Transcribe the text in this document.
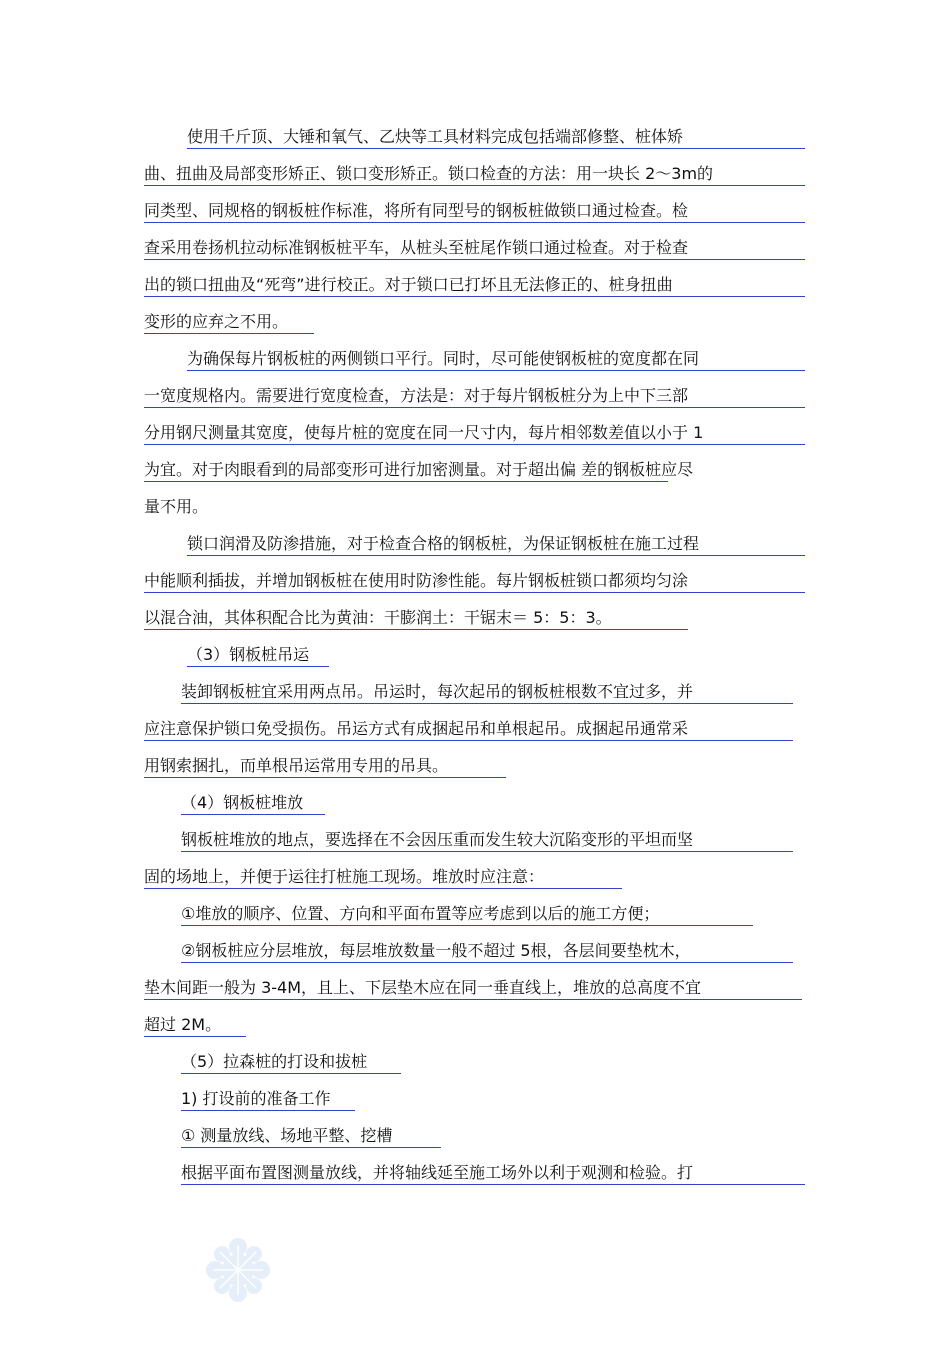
使用千斤顶、大锤和氧气、乙炔等工具材料完成包括端部修整、桩体矫
曲、扭曲及局部变形矫正、锁口变形矫正。锁口检查的方法：用一块长 2～3m的
同类型、同规格的钢板桩作标准，将所有同型号的钢板桩做锁口通过检查。检
查采用卷扬机拉动标准钢板桩平车，从桩头至桩尾作锁口通过检查。对于检查
出的锁口扭曲及“死弯”进行校正。对于锁口已打坏且无法修正的、桩身扭曲
变形的应弃之不用。
为确保每片钢板桩的两侧锁口平行。同时，尽可能使钢板桩的宽度都在同
一宽度规格内。需要进行宽度检查，方法是：对于每片钢板桩分为上中下三部
分用钢尺测量其宽度，使每片桩的宽度在同一尺寸内，每片相邻数差值以小于 1
为宜。对于肉眼看到的局部变形可进行加密测量。对于超出偏 差的钢板桩应尽
量不用。
锁口润滑及防渗措施，对于检查合格的钢板桩，为保证钢板桩在施工过程
中能顺利插拔，并增加钢板桩在使用时防渗性能。每片钢板桩锁口都须均匀涂
以混合油，其体积配合比为黄油：干膨润土：干锯末＝ 5：5：3。
（3）钢板桩吊运
装卸钢板桩宜采用两点吊。吊运时，每次起吊的钢板桩根数不宜过多，并
应注意保护锁口免受损伤。吊运方式有成捆起吊和单根起吊。成捆起吊通常采
用钢索捆扎，而单根吊运常用专用的吊具。
（4）钢板桩堆放
钢板桩堆放的地点，要选择在不会因压重而发生较大沉陷变形的平坦而坚
固的场地上，并便于运往打桩施工现场。堆放时应注意：
①堆放的顺序、位置、方向和平面布置等应考虑到以后的施工方便；
②钢板桩应分层堆放，每层堆放数量一般不超过 5根，各层间要垫枕木，
垫木间距一般为 3-4M，且上、下层垫木应在同一垂直线上，堆放的总高度不宜
超过 2M。
（5）拉森桩的打设和拔桩
1) 打设前的准备工作
① 测量放线、场地平整、挖槽
根据平面布置图测量放线，并将轴线延至施工场外以利于观测和检验。打
